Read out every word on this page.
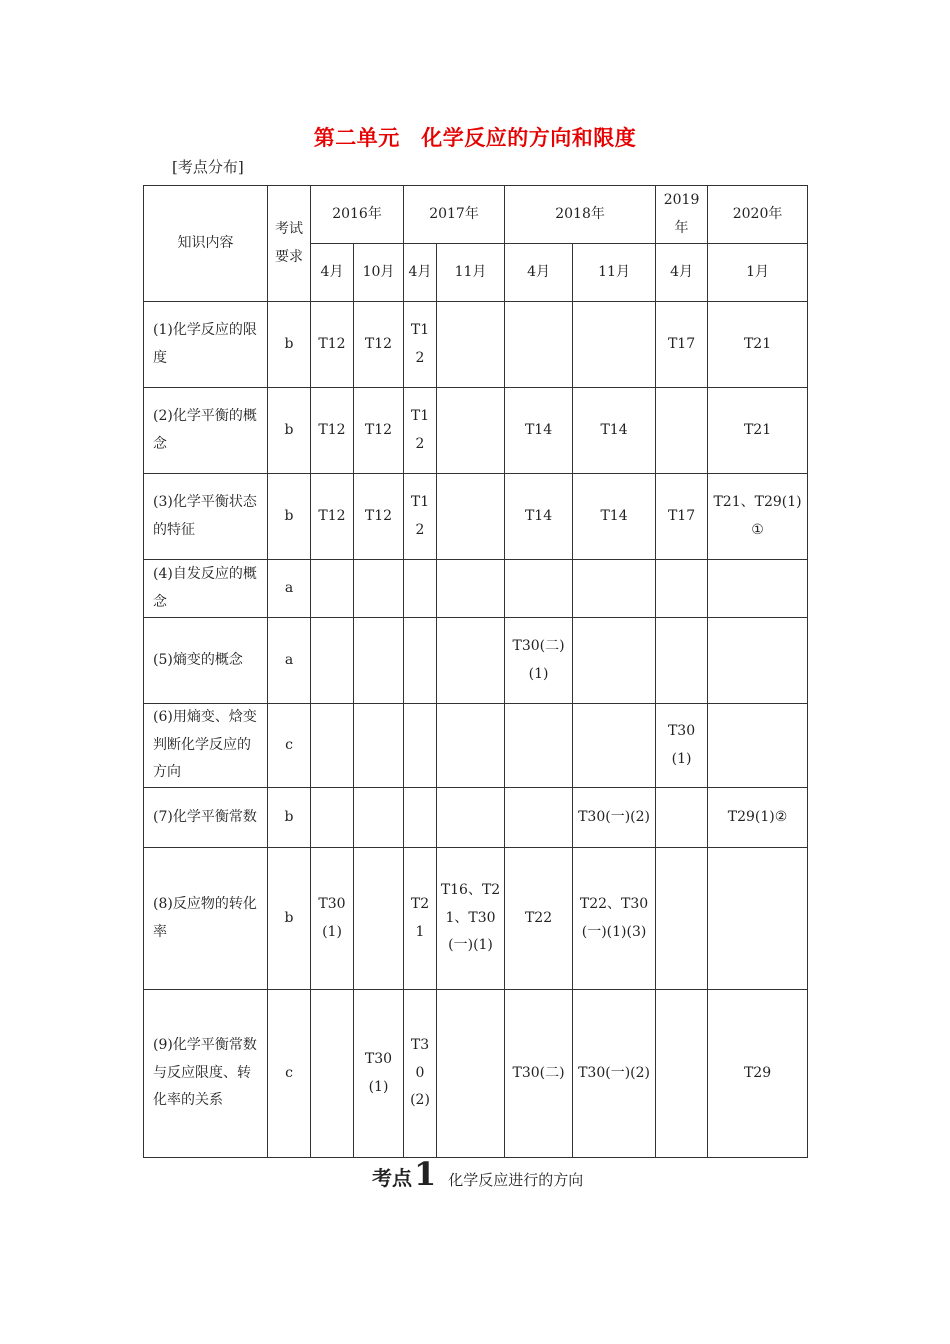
第二单元　化学反应的方向和限度
[考点分布]
知识内容	考试要求	2016年		2017年		2018年		2019年	2020年
		4月	10月	4月	11月	4月	11月	4月	1月
(1)化学反应的限度	b	T12	T12	T12				T17	T21
(2)化学平衡的概念	b	T12	T12	T12		T14	T14		T21
(3)化学平衡状态的特征	b	T12	T12	T12		T14	T14	T17	T21、T29(1)①
(4)自发反应的概念	a								
(5)熵变的概念	a					T30(二)(1)			
(6)用熵变、焓变判断化学反应的方向	c							T30(1)	
(7)化学平衡常数	b						T30(一)(2)		T29(1)②
(8)反应物的转化率	b	T30(1)		T21	T16、T21、T30(一)(1)	T22	T22、T30(一)(1)(3)		
(9)化学平衡常数与反应限度、转化率的关系	c		T30(1)	T30(2)		T30(二)	T30(一)(2)		T29
考点1 化学反应进行的方向
